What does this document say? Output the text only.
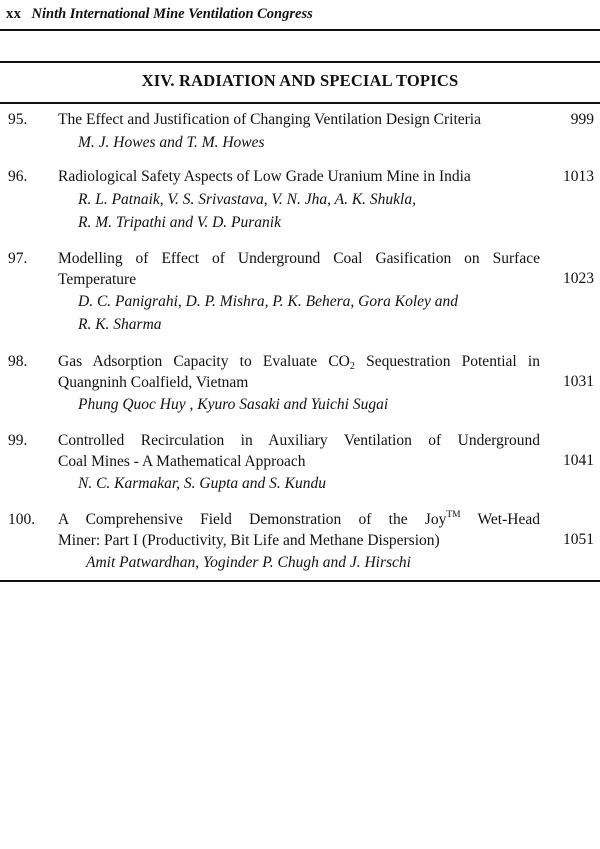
xx Ninth International Mine Ventilation Congress
XIV. RADIATION AND SPECIAL TOPICS
95. The Effect and Justification of Changing Ventilation Design Criteria
M. J. Howes and T. M. Howes
999
96. Radiological Safety Aspects of Low Grade Uranium Mine in India
R. L. Patnaik, V. S. Srivastava, V. N. Jha, A. K. Shukla,
R. M. Tripathi and V. D. Puranik
1013
97. Modelling of Effect of Underground Coal Gasification on Surface
Temperature
D. C. Panigrahi, D. P. Mishra, P. K. Behera, Gora Koley and
R. K. Sharma
1023
98. Gas Adsorption Capacity to Evaluate $CO_2$ Sequestration Potential in
Quangninh Coalfield, Vietnam
Phung Quoc Huy , Kyuro Sasaki and Yuichi Sugai
1031
99. Controlled Recirculation in Auxiliary Ventilation of Underground
Coal Mines - A Mathematical Approach
N. C. Karmakar, S. Gupta and S. Kundu
1041
100. A Comprehensive Field Demonstration of the Joy™ Wet-Head
Miner: Part I (Productivity, Bit Life and Methane Dispersion)
Amit Patwardhan, Yoginder P. Chugh and J. Hirschi
1051
